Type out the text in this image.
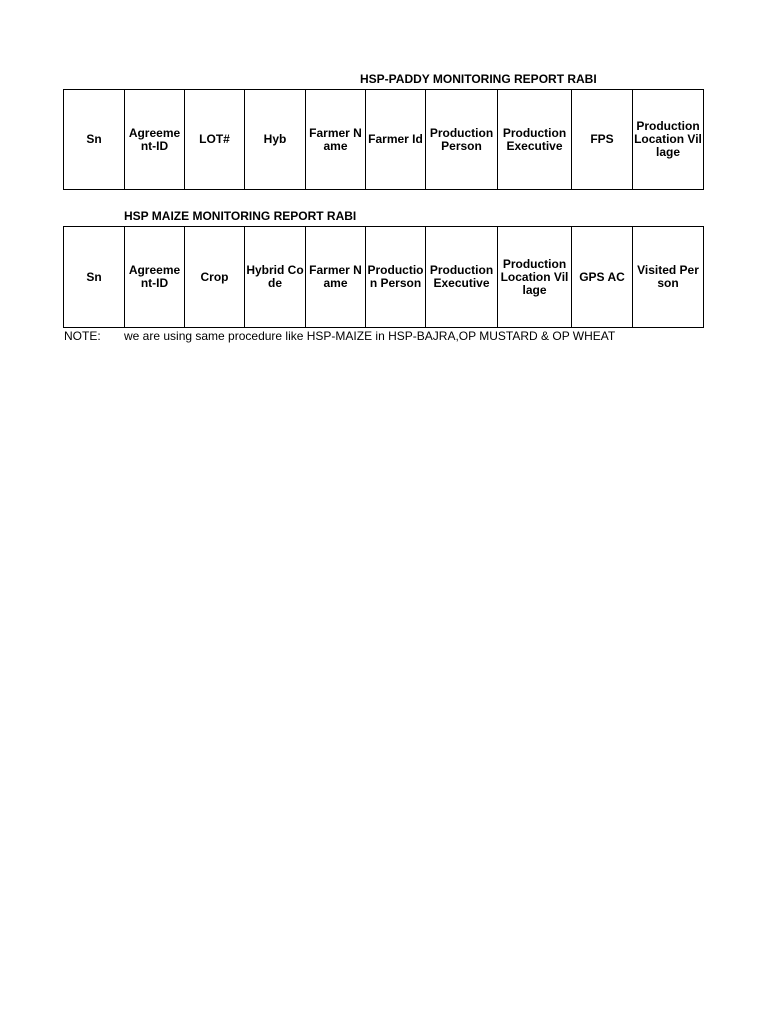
HSP-PADDY MONITORING REPORT RABI
Sn	Agreement-ID	LOT#	Hyb	Farmer Name	Farmer Id	Production Person	Production Executive	FPS	Production Location Village
HSP MAIZE MONITORING REPORT RABI
Sn	Agreement-ID	Crop	Hybrid Code	Farmer Name	Production Person	Production Executive	Production Location Village	GPS AC	Visited Person
NOTE: we are using same procedure like HSP-MAIZE in HSP-BAJRA,OP MUSTARD & OP WHEAT
